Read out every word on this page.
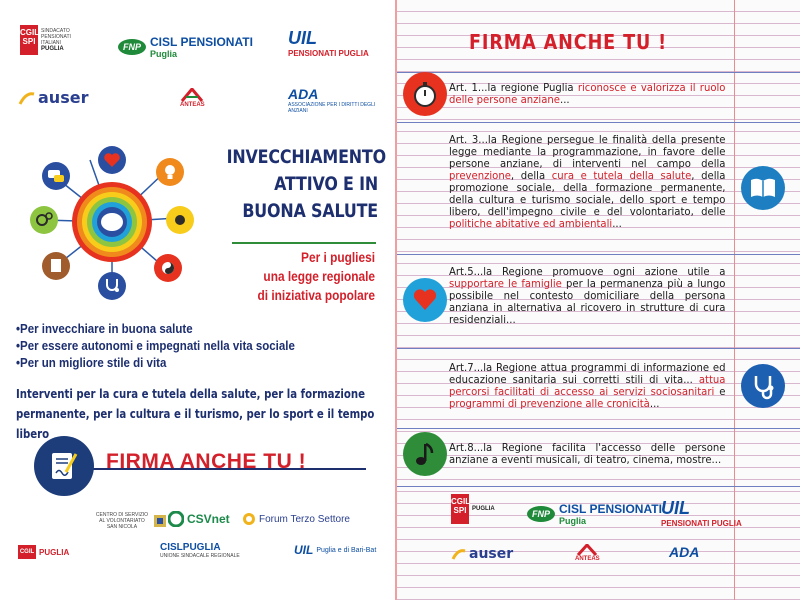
CGIL
SPI
SINDACATO PENSIONATI ITALIANI
PUGLIA	FNP CISL PENSIONATI
Puglia
UIL
PENSIONATI PUGLIA
auser	ANTEAS
ADA
ASSOCIAZIONE PER I DIRITTI DEGLI ANZIANI
INVECCHIAMENTO ATTIVO E IN BUONA SALUTE
Per i pugliesi
una legge regionale
di iniziativa popolare
•Per invecchiare in buona salute
•Per essere autonomi e impegnati nella vita sociale
•Per un migliore stile di vita
Interventi per la cura e tutela della salute, per la formazione
permanente, per la cultura e il turismo, per lo sport e il tempo libero
FIRMA ANCHE TU !
CENTRO DI SERVIZIO AL VOLONTARIATO SAN NICOLA
CSVnet	Forum Terzo Settore
CGIL PUGLIA	CISLPUGLIA
UNIONE SINDACALE REGIONALE	UIL Puglia e di Bari-Bat
FIRMA ANCHE TU !
Art. 1...la regione Puglia riconosce e valorizza il ruolo delle persone anziane...
Art. 3...la Regione persegue le finalità della presente legge mediante la programmazione, in favore delle persone anziane, di interventi nel campo della prevenzione, della cura e tutela della salute, della promozione sociale, della formazione permanente, della cultura e turismo sociale, dello sport e tempo libero, dell'impegno civile e del volontariato, delle politiche abitative ed ambientali...
Art.5...la Regione promuove ogni azione utile a supportare le famiglie per la permanenza più a lungo possibile nel contesto domiciliare della persona anziana in alternativa al ricovero in strutture di cura residenziali...
Art.7...la Regione attua programmi di informazione ed educazione sanitaria sui corretti stili di vita... attua percorsi facilitati di accesso ai servizi sociosanitari e programmi di prevenzione alle cronicità...
Art.8...la Regione facilita l'accesso delle persone anziane a eventi musicali, di teatro, cinema, mostre...
CGIL
SPI PUGLIA	FNP CISL PENSIONATI
Puglia
UIL
PENSIONATI PUGLIA
auser	ANTEAS	ADA
